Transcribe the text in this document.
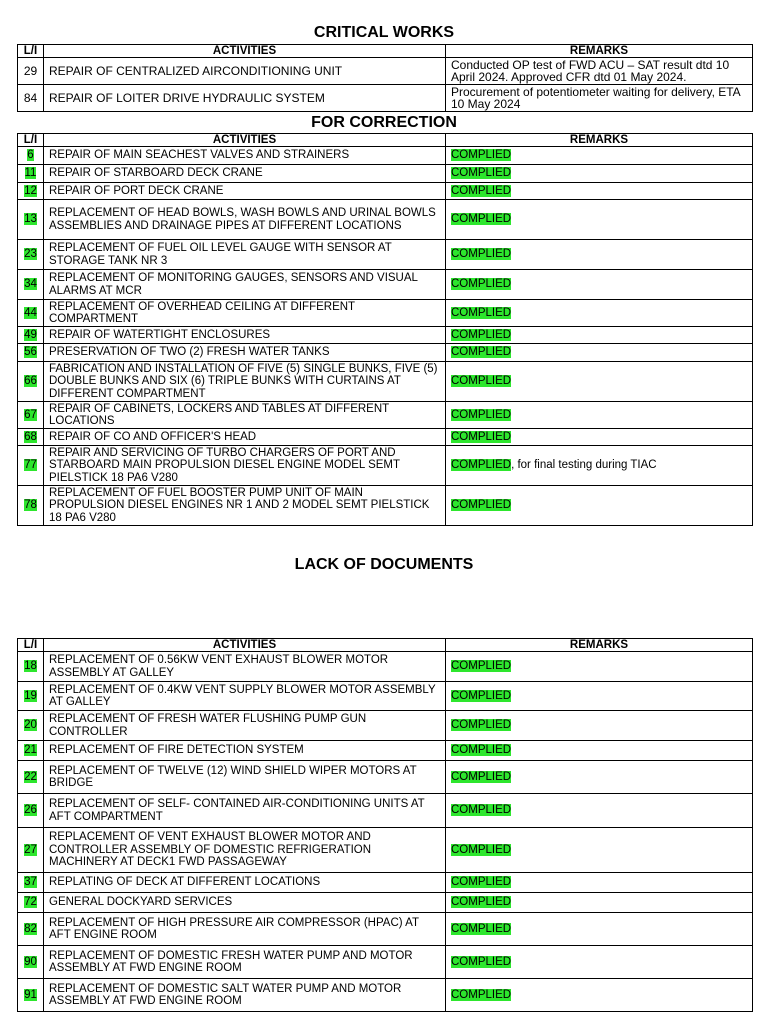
CRITICAL WORKS
L/I	ACTIVITIES	REMARKS
29	REPAIR OF CENTRALIZED AIRCONDITIONING UNIT	Conducted OP test of FWD ACU – SAT result dtd 10 April 2024. Approved CFR dtd 01 May 2024.
84	REPAIR OF LOITER DRIVE HYDRAULIC SYSTEM	Procurement of potentiometer waiting for delivery, ETA 10 May 2024
FOR CORRECTION
L/I	ACTIVITIES	REMARKS
6	REPAIR OF MAIN SEACHEST VALVES AND STRAINERS	COMPLIED
11	REPAIR OF STARBOARD DECK CRANE	COMPLIED
12	REPAIR OF PORT DECK CRANE	COMPLIED
13	REPLACEMENT OF HEAD BOWLS, WASH BOWLS AND URINAL BOWLS ASSEMBLIES AND DRAINAGE PIPES AT DIFFERENT LOCATIONS	COMPLIED
23	REPLACEMENT OF FUEL OIL LEVEL GAUGE WITH SENSOR AT STORAGE TANK NR 3	COMPLIED
34	REPLACEMENT OF MONITORING GAUGES, SENSORS AND VISUAL ALARMS AT MCR	COMPLIED
44	REPLACEMENT OF OVERHEAD CEILING AT DIFFERENT COMPARTMENT	COMPLIED
49	REPAIR OF WATERTIGHT ENCLOSURES	COMPLIED
56	PRESERVATION OF TWO (2) FRESH WATER TANKS	COMPLIED
66	FABRICATION AND INSTALLATION OF FIVE (5) SINGLE BUNKS, FIVE (5) DOUBLE BUNKS AND SIX (6) TRIPLE BUNKS WITH CURTAINS AT DIFFERENT COMPARTMENT	COMPLIED
67	REPAIR OF CABINETS, LOCKERS AND TABLES AT DIFFERENT LOCATIONS	COMPLIED
68	REPAIR OF CO AND OFFICER'S HEAD	COMPLIED
77	REPAIR AND SERVICING OF TURBO CHARGERS OF PORT AND STARBOARD MAIN PROPULSION DIESEL ENGINE MODEL SEMT PIELSTICK 18 PA6 V280	COMPLIED, for final testing during TIAC
78	REPLACEMENT OF FUEL BOOSTER PUMP UNIT OF MAIN PROPULSION DIESEL ENGINES NR 1 AND 2 MODEL SEMT PIELSTICK 18 PA6 V280	COMPLIED
LACK OF DOCUMENTS
L/I	ACTIVITIES	REMARKS
18	REPLACEMENT OF 0.56KW VENT EXHAUST BLOWER MOTOR ASSEMBLY AT GALLEY	COMPLIED
19	REPLACEMENT OF 0.4KW VENT SUPPLY BLOWER MOTOR ASSEMBLY AT GALLEY	COMPLIED
20	REPLACEMENT OF FRESH WATER FLUSHING PUMP GUN CONTROLLER	COMPLIED
21	REPLACEMENT OF FIRE DETECTION SYSTEM	COMPLIED
22	REPLACEMENT OF TWELVE (12) WIND SHIELD WIPER MOTORS AT BRIDGE	COMPLIED
26	REPLACEMENT OF SELF- CONTAINED AIR-CONDITIONING UNITS AT AFT COMPARTMENT	COMPLIED
27	REPLACEMENT OF VENT EXHAUST BLOWER MOTOR AND CONTROLLER ASSEMBLY OF DOMESTIC REFRIGERATION MACHINERY AT DECK1 FWD PASSAGEWAY	COMPLIED
37	REPLATING OF DECK AT DIFFERENT LOCATIONS	COMPLIED
72	GENERAL DOCKYARD SERVICES	COMPLIED
82	REPLACEMENT OF HIGH PRESSURE AIR COMPRESSOR (HPAC) AT AFT ENGINE ROOM	COMPLIED
90	REPLACEMENT OF DOMESTIC FRESH WATER PUMP AND MOTOR ASSEMBLY AT FWD ENGINE ROOM	COMPLIED
91	REPLACEMENT OF DOMESTIC SALT WATER PUMP AND MOTOR ASSEMBLY AT FWD ENGINE ROOM	COMPLIED
